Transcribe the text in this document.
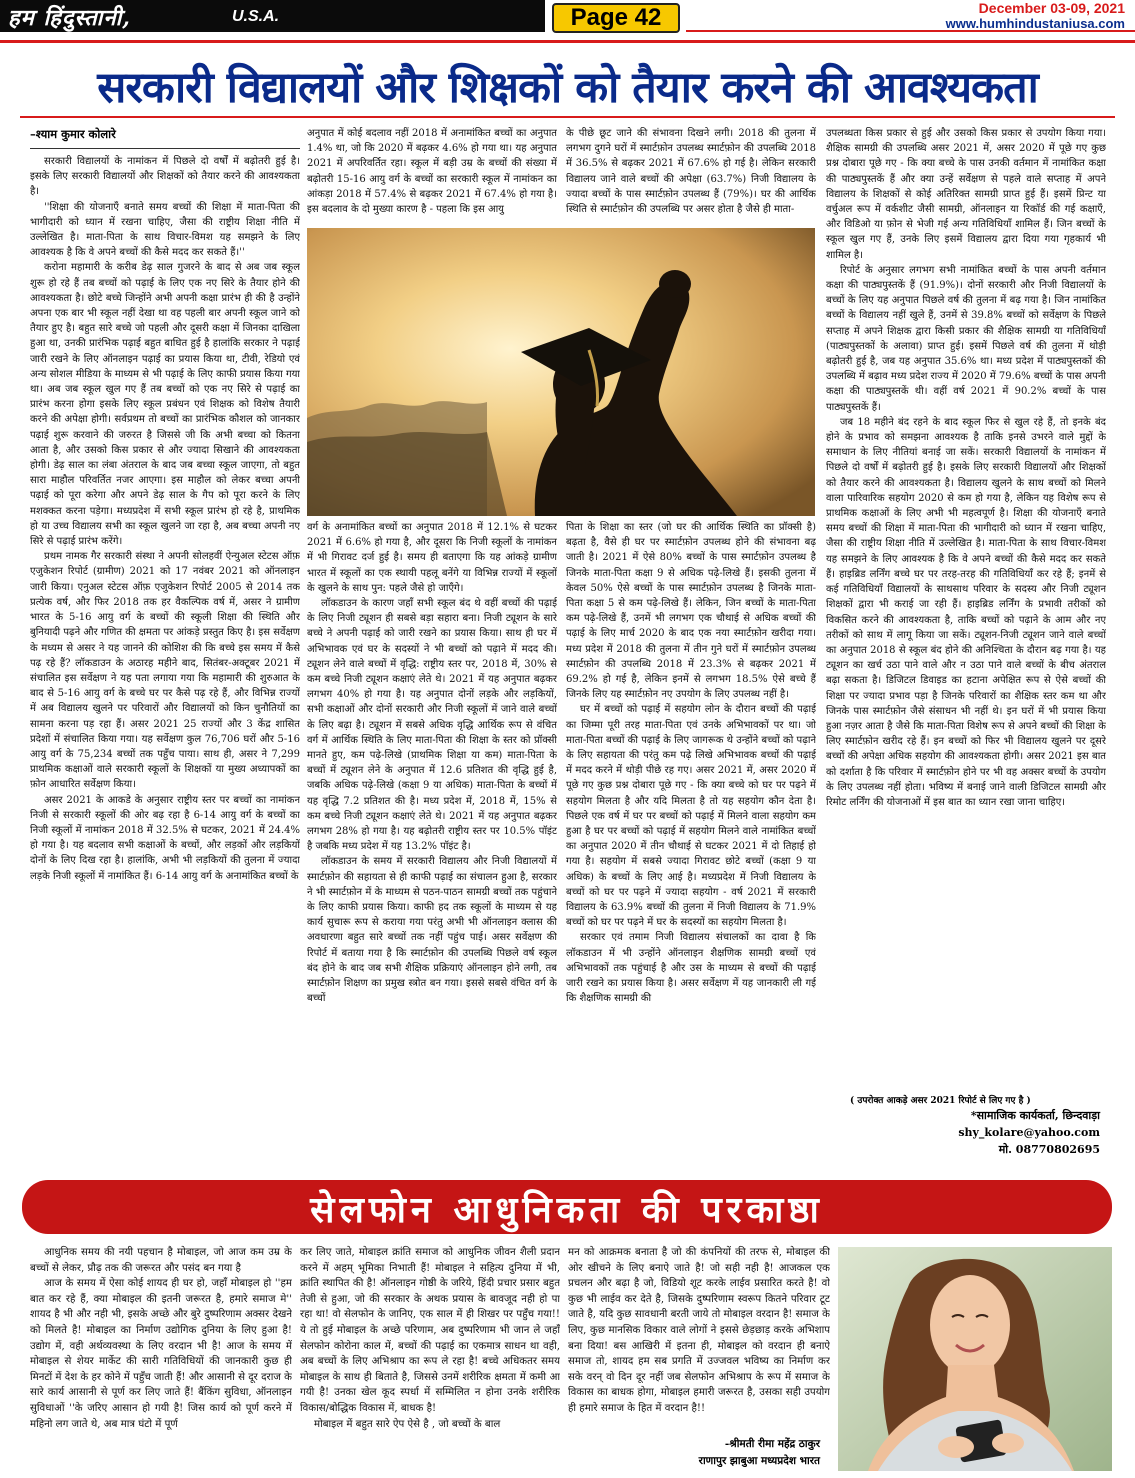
हम हिंदुस्तानी,	U.S.A.	Page 42	December 03-09, 2021
www.humhindustaniusa.com
सरकारी विद्यालयों और शिक्षकों को तैयार करने की आवश्यकता
–श्याम कुमार कोलारे

सरकारी विद्यालयों के नामांकन में पिछले दो वर्षों में बढ़ोतरी हुई है। इसके लिए सरकारी विद्यालयों और शिक्षकों को तैयार करने की आवश्यकता है।

''शिक्षा की योजनाएँ बनाते समय बच्चों की शिक्षा में माता-पिता की भागीदारी को ध्यान में रखना चाहिए, जैसा की राष्ट्रीय शिक्षा नीति में उल्लेखित है। माता-पिता के साथ विचार-विमश यह समझने के लिए आवश्यक है कि वे अपने बच्चों की कैसे मदद कर सकते हैं।''

करोना महामारी के करीब डेढ़ साल गुजरने के बाद से अब जब स्कूल शुरू हो रहे हैं तब बच्चों को पढ़ाई के लिए एक नए सिरे के तैयार होने की आवश्यकता है। छोटे बच्चे जिन्होंने अभी अपनी कक्षा प्रारंभ ही की है उन्होंने अपना एक बार भी स्कूल नहीं देखा था वह पहली बार अपनी स्कूल जाने को तैयार हुए है। बहुत सारे बच्चे जो पहली और दूसरी कक्षा में जिनका दाखिला हुआ था, उनकी प्रारंभिक पढ़ाई बहुत बाधित हुई है हालांकि सरकार ने पढ़ाई जारी रखने के लिए ऑनलाइन पढ़ाई का प्रयास किया था, टीवी, रेडियो एवं अन्य सोशल मीडिया के माध्यम से भी पढ़ाई के लिए काफी प्रयास किया गया था। अब जब स्कूल खुल गए हैं तब बच्चों को एक नए सिरे से पढ़ाई का प्रारंभ करना होगा इसके लिए स्कूल प्रबंधन एवं शिक्षक को विशेष तैयारी करने की अपेक्षा होगी। सर्वप्रथम तो बच्चों का प्रारंभिक कौशल को जानकार पढ़ाई शुरू करवाने की जरुरत है जिससे जी कि अभी बच्चा को कितना आता है, और उसको किस प्रकार से और ज्यादा सिखाने की आवश्यकता होगी। डेढ़ साल का लंबा अंतराल के बाद जब बच्चा स्कूल जाएगा, तो बहुत सारा माहौल परिवर्तित नजर आएगा। इस माहौल को लेकर बच्चा अपनी पढ़ाई को पूरा करेगा और अपने डेढ़ साल के गैप को पूरा करने के लिए मशक्कत करना पड़ेगा। मध्यप्रदेश में सभी स्कूल प्रारंभ हो रहे है, प्राथमिक हो या उच्च विद्यालय सभी का स्कूल खुलने जा रहा है, अब बच्चा अपनी नए सिरे से पढ़ाई प्रारंभ करेंगे।

प्रथम नामक गैर सरकारी संस्था ने अपनी सोलहवीं ऐन्युअल स्टेटस ऑफ़ एजुकेशन रिपोर्ट (ग्रामीण) 2021 को 17 नवंबर 2021 को ऑनलाइन जारी किया। एनुअल स्टेटस ऑफ़ एजुकेशन रिपोर्ट 2005 से 2014 तक प्रत्येक वर्ष, और फिर 2018 तक हर वैकल्पिक वर्ष में, असर ने ग्रामीण भारत के 5-16 आयु वर्ग के बच्चों की स्कूली शिक्षा की स्थिति और बुनियादी पढ़ने और गणित की क्षमता पर आंकड़े प्रस्तुत किए है। इस सर्वेक्षण के मध्यम से असर ने यह जानने की कोशिश की कि बच्चे इस समय में कैसे पढ़ रहे हैं? लॉकडाउन के अठारह महीने बाद, सितंबर-अक्टूबर 2021 में संचालित इस सर्वेक्षण ने यह पता लगाया गया कि महामारी की शुरुआत के बाद से 5-16 आयु वर्ग के बच्चे घर पर कैसे पढ़ रहे हैं, और विभिन्न राज्यों में अब विद्यालय खुलने पर परिवारों और विद्यालयों को किन चुनौतियों का सामना करना पड़ रहा हैं। असर 2021 25 राज्यों और 3 केंद्र शासित प्रदेशों में संचालित किया गया। यह सर्वेक्षण कुल 76,706 घरों और 5-16 आयु वर्ग के 75,234 बच्चों तक पहुँच पाया। साथ ही, असर ने 7,299 प्राथमिक कक्षाओं वाले सरकारी स्कूलों के शिक्षकों या मुख्य अध्यापकों का फ़ोन आधारित सर्वेक्षण किया।

असर 2021 के आकडे के अनुसार राष्ट्रीय स्तर पर बच्चों का नामांकन निजी से सरकारी स्कूलों की ओर बढ़ रहा है 6-14 आयु वर्ग के बच्चों का निजी स्कूलों में नामांकन 2018 में 32.5% से घटकर, 2021 में 24.4% हो गया है। यह बदलाव सभी कक्षाओं के बच्चों, और लड़कों और लड़कियों दोनों के लिए दिख रहा है। हालांकि, अभी भी लड़कियों की तुलना में ज्यादा लड़के निजी स्कूलों में नामांकित हैं। 6-14 आयु वर्ग के अनामांकित बच्चों के

अनुपात में कोई बदलाव नहीं 2018 में अनामांकित बच्चों का अनुपात 1.4% था, जो कि 2020 में बढ़कर 4.6% हो गया था। यह अनुपात 2021 में अपरिवर्तित रहा। स्कूल में बड़ी उम्र के बच्चों की संख्या में बढ़ोतरी 15-16 आयु वर्ग के बच्चों का सरकारी स्कूल में नामांकन का आंकड़ा 2018 में 57.4% से बढ़कर 2021 में 67.4% हो गया है। इस बदलाव के दो मुख्या कारण है - पहला कि इस आयु

के पीछे छूट जाने की संभावना दिखने लगी। 2018 की तुलना में लगभग दुगने घरों में स्मार्टफ़ोन उपलब्ध स्मार्टफ़ोन की उपलब्धि 2018 में 36.5% से बढ़कर 2021 में 67.6% हो गई है। लेकिन सरकारी विद्यालय जाने वाले बच्चों की अपेक्षा (63.7%) निजी विद्यालय के ज्यादा बच्चों के पास स्मार्टफ़ोन उपलब्ध हैं (79%)। घर की आर्थिक स्थिति से स्मार्टफ़ोन की उपलब्धि पर असर होता है जैसे ही माता-

वर्ग के अनामांकित बच्चों का अनुपात 2018 में 12.1% से घटकर 2021 में 6.6% हो गया है, और दूसरा कि निजी स्कूलों के नामांकन में भी गिरावट दर्ज हुई है। समय ही बताएगा कि यह आंकड़े ग्रामीण भारत में स्कूलों का एक स्थायी पहलू बनेंगे या विभिन्न राज्यों में स्कूलों के खुलने के साथ पुन: पहले जैसे हो जाएँगे।

लॉकडाउन के कारण जहाँ सभी स्कूल बंद थे वहीं बच्चों की पढ़ाई के लिए निजी ट्यूशन ही सबसे बड़ा सहारा बना। निजी ट्यूशन के सारे बच्चे ने अपनी पढ़ाई को जारी रखने का प्रयास किया। साथ ही घर में अभिभावक एवं घर के सदस्यों ने भी बच्चों को पढ़ाने में मदद की। ट्यूशन लेने वाले बच्चों में वृद्धि: राष्ट्रीय स्तर पर, 2018 में, 30% से कम बच्चे निजी ट्यूशन कक्षाएं लेते थे। 2021 में यह अनुपात बढ़कर लगभग 40% हो गया है। यह अनुपात दोनों लड़के और लड़कियों, सभी कक्षाओं और दोनों सरकारी और निजी स्कूलों में जाने वाले बच्चों के लिए बढ़ा है। ट्यूशन में सबसे अधिक वृद्धि आर्थिक रूप से वंचित वर्ग में आर्थिक स्थिति के लिए माता-पिता की शिक्षा के स्तर को प्रॉक्सी मानते हुए, कम पढ़े-लिखे (प्राथमिक शिक्षा या कम) माता-पिता के बच्चों में ट्यूशन लेने के अनुपात में 12.6 प्रतिशत की वृद्धि हुई है, जबकि अधिक पढ़े-लिखे (कक्षा 9 या अधिक) माता-पिता के बच्चों में यह वृद्धि 7.2 प्रतिशत की है। मध्य प्रदेश में, 2018 में, 15% से कम बच्चे निजी ट्यूशन कक्षाएं लेते थे। 2021 में यह अनुपात बढ़कर लगभग 28% हो गया है। यह बढ़ोतरी राष्ट्रीय स्तर पर 10.5% पॉइंट है जबकि मध्य प्रदेश में यह 13.2% पॉइंट है।

लॉकडाउन के समय में सरकारी विद्यालय और निजी विद्यालयों में स्मार्टफ़ोन की सहायता से ही काफी पढ़ाई का संचालन हुआ है, सरकार ने भी स्मार्टफ़ोन में के माध्यम से पठन-पाठन सामग्री बच्चों तक पहुंचाने के लिए काफी प्रयास किया। काफी हद तक स्कूलों के माध्यम से यह कार्य सुचारू रूप से कराया गया परंतु अभी भी ऑनलाइन क्लास की अवधारणा बहुत सारे बच्चों तक नहीं पहुंच पाई। असर सर्वेक्षण की रिपोर्ट में बताया गया है कि स्मार्टफ़ोन की उपलब्धि पिछले वर्ष स्कूल बंद होने के बाद जब सभी शैक्षिक प्रक्रियाएं ऑनलाइन होने लगी, तब स्मार्टफ़ोन शिक्षण का प्रमुख स्त्रोत बन गया। इससे सबसे वंचित वर्ग के बच्चों

पिता के शिक्षा का स्तर (जो घर की आर्थिक स्थिति का प्रॉक्सी है) बढ़ता है, वैसे ही घर पर स्मार्टफ़ोन उपलब्ध होने की संभावना बढ़ जाती है। 2021 में ऐसे 80% बच्चों के पास स्मार्टफ़ोन उपलब्ध है जिनके माता-पिता कक्षा 9 से अधिक पढ़े-लिखे हैं। इसकी तुलना में केवल 50% ऐसे बच्चों के पास स्मार्टफ़ोन उपलब्ध है जिनके माता-पिता कक्षा 5 से कम पढ़े-लिखे हैं। लेकिन, जिन बच्चों के माता-पिता कम पढ़े-लिखे हैं, उनमें भी लगभग एक चौथाई से अधिक बच्चों की पढ़ाई के लिए मार्च 2020 के बाद एक नया स्मार्टफ़ोन खरीदा गया। मध्य प्रदेश में 2018 की तुलना में तीन गुने घरों में स्मार्टफ़ोन उपलब्ध स्मार्टफ़ोन की उपलब्धि 2018 में 23.3% से बढ़कर 2021 में 69.2% हो गई है, लेकिन इनमें से लगभग 18.5% ऐसे बच्चे हैं जिनके लिए यह स्मार्टफ़ोन नए उपयोग के लिए उपलब्ध नहीं है।

घर में बच्चों को पढ़ाई में सहयोग लोन के दौरान बच्चों की पढ़ाई का जिम्मा पूरी तरह माता-पिता एवं उनके अभिभावकों पर था। जो माता-पिता बच्चों की पढ़ाई के लिए जागरूक थे उन्होंने बच्चों को पढ़ाने के लिए सहायता की परंतु कम पढ़े लिखे अभिभावक बच्चों की पढ़ाई में मदद करने में थोड़ी पीछे रह गए। असर 2021 में, असर 2020 में पूछे गए कुछ प्रश्न दोबारा पूछे गए - कि क्या बच्चे को घर पर पढ़ने में सहयोग मिलता है और यदि मिलता है तो यह सहयोग कौन देता है। पिछले एक वर्ष में घर पर बच्चों को पढ़ाई में मिलने वाला सहयोग कम हुआ है घर पर बच्चों को पढ़ाई में सहयोग मिलने वाले नामांकित बच्चों का अनुपात 2020 में तीन चौथाई से घटकर 2021 में दो तिहाई हो गया है। सहयोग में सबसे ज्यादा गिरावट छोटे बच्चों (कक्षा 9 या अधिक) के बच्चों के लिए आई है। मध्यप्रदेश में निजी विद्यालय के बच्चों को घर पर पढ़ने में ज्यादा सहयोग - वर्ष 2021 में सरकारी विद्यालय के 63.9% बच्चों की तुलना में निजी विद्यालय के 71.9% बच्चों को घर पर पढ़ने में घर के सदस्यों का सहयोग मिलता है।

सरकार एवं तमाम निजी विद्यालय संचालकों का दावा है कि लॉकडाउन में भी उन्होंने ऑनलाइन शैक्षणिक सामग्री बच्चों एवं अभिभावकों तक पहुंचाई है और उस के माध्यम से बच्चों की पढ़ाई जारी रखने का प्रयास किया है। असर सर्वेक्षण में यह जानकारी ली गई कि शैक्षणिक सामग्री की

उपलब्धता किस प्रकार से हुई और उसको किस प्रकार से उपयोग किया गया। शैक्षिक सामग्री की उपलब्धि असर 2021 में, असर 2020 में पूछे गए कुछ प्रश्न दोबारा पूछे गए - कि क्या बच्चे के पास उनकी वर्तमान में नामांकित कक्षा की पाठ्यपुस्तकें हैं और क्या उन्हें सर्वेक्षण से पहले वाले सप्ताह में अपने विद्यालय के शिक्षकों से कोई अतिरिक्त सामग्री प्राप्त हुई हैं। इसमें प्रिन्ट या वर्चुअल रूप में वर्कशीट जैसी सामग्री, ऑनलाइन या रिकॉर्ड की गई कक्षाएँ, और विडिओ या फ़ोन से भेजी गई अन्य गतिविधियाँ शामिल हैं। जिन बच्चों के स्कूल खुल गए हैं, उनके लिए इसमें विद्यालय द्वारा दिया गया गृहकार्य भी शामिल है।

रिपोर्ट के अनुसार लगभग सभी नामांकित बच्चों के पास अपनी वर्तमान कक्षा की पाठ्यपुस्तकें हैं (91.9%)। दोनों सरकारी और निजी विद्यालयों के बच्चों के लिए यह अनुपात पिछले वर्ष की तुलना में बढ़ गया है। जिन नामांकित बच्चों के विद्यालय नहीं खुले हैं, उनमें से 39.8% बच्चों को सर्वेक्षण के पिछले सप्ताह में अपने शिक्षक द्वारा किसी प्रकार की शैक्षिक सामग्री या गतिविधियाँ (पाठ्यपुस्तकों के अलावा) प्राप्त हुई। इसमें पिछले वर्ष की तुलना में थोड़ी बढ़ोतरी हुई है, जब यह अनुपात 35.6% था। मध्य प्रदेश में पाठ्यपुस्तकों की उपलब्धि में बढ़ाव मध्य प्रदेश राज्य में 2020 में 79.6% बच्चों के पास अपनी कक्षा की पाठ्यपुस्तकें थी। वहीं वर्ष 2021 में 90.2% बच्चों के पास पाठ्यपुस्तकें हैं।

जब 18 महीने बंद रहने के बाद स्कूल फिर से खुल रहे हैं, तो इनके बंद होने के प्रभाव को समझना आवश्यक है ताकि इनसे उभरने वाले मुद्दों के समाधान के लिए नीतियां बनाई जा सकें। सरकारी विद्यालयों के नामांकन में पिछले दो वर्षों में बढ़ोतरी हुई है। इसके लिए सरकारी विद्यालयों और शिक्षकों को तैयार करने की आवश्यकता है। विद्यालय खुलने के साथ बच्चों को मिलने वाला पारिवारिक सहयोग 2020 से कम हो गया है, लेकिन यह विशेष रूप से प्राथमिक कक्षाओं के लिए अभी भी महत्वपूर्ण है। शिक्षा की योजनाएँ बनाते समय बच्चों की शिक्षा में माता-पिता की भागीदारी को ध्यान में रखना चाहिए, जैसा की राष्ट्रीय शिक्षा नीति में उल्लेखित है। माता-पिता के साथ विचार-विमश यह समझने के लिए आवश्यक है कि वे अपने बच्चों की कैसे मदद कर सकते हैं। हाइब्रिड लर्निंग बच्चे घर पर तरह-तरह की गतिविधियाँ कर रहे हैं; इनमें से कई गतिविधियाँ विद्यालयों के साथसाथ परिवार के सदस्य और निजी ट्यूशन शिक्षकों द्वारा भी कराई जा रही हैं। हाइब्रिड लर्निंग के प्रभावी तरीकों को विकसित करने की आवश्यकता है, ताकि बच्चों को पढ़ाने के आम और नए तरीकों को साथ में लागू किया जा सकें। ट्यूशन-निजी ट्यूशन जाने वाले बच्चों का अनुपात 2018 से स्कूल बंद होने की अनिश्चिता के दौरान बढ़ गया है। यह ट्यूशन का खर्च उठा पाने वाले और न उठा पाने वाले बच्चों के बीच अंतराल बढ़ा सकता है। डिजिटल डिवाइड का हटाना अपेक्षित रूप से ऐसे बच्चों की शिक्षा पर ज्यादा प्रभाव पड़ा है जिनके परिवारों का शैक्षिक स्तर कम था और जिनके पास स्मार्टफ़ोन जैसे संसाधन भी नहीं थे। इन घरों में भी प्रयास किया हुआ नज़र आता है जैसे कि माता-पिता विशेष रूप से अपने बच्चों की शिक्षा के लिए स्मार्टफ़ोन खरीद रहे हैं। इन बच्चों को फिर भी विद्यालय खुलने पर दूसरे बच्चों की अपेक्षा अधिक सहयोग की आवश्यकता होगी। असर 2021 इस बात को दर्शाता है कि परिवार में स्मार्टफ़ोन होने पर भी वह अक्सर बच्चों के उपयोग के लिए उपलब्ध नहीं होता। भविष्य में बनाई जाने वाली डिजिटल सामग्री और रिमोट लर्निंग की योजनाओं में इस बात का ध्यान रखा जाना चाहिए।

( उपरोक्त आकड़े असर 2021 रिपोर्ट से लिए गए है )
*सामाजिक कार्यकर्ता, छिन्दवाड़ा
shy_kolare@yahoo.com
मो. 08770802695
सेलफोन आधुनिकता की परकाष्ठा

आधुनिक समय की नयी पहचान है मोबाइल, जो आज कम उम्र के बच्चों से लेकर, प्रौढ़ तक की जरूरत और पसंद बन गया है

आज के समय में ऐसा कोई शायद ही घर हो, जहाँ मोबाइल हो ''हम बात कर रहे हैं, क्या मोबाइल की इतनी जरूरत है, हमारे समाज मे'' शायद है भी और नही भी, इसके अच्छे और बुरे दुष्परिणाम अक्सर देखने को मिलते है! मोबाइल का निर्माण उद्योगिक दुनिया के लिए हुआ है! उद्योग में, वही अर्थव्यवस्था के लिए वरदान भी है! आज के समय में मोबाइल से शेयर मार्केट की सारी गतिविधियों की जानकारी कुछ ही मिनटों में देश के हर कोने में पहुँच जाती हैं! और आसानी से दूर दराज के सारे कार्य आसानी से पूर्ण कर लिए जाते हैं! बैंकिंग सुविधा, ऑनलाइन सुविधाओं ''के जरिए आसान हो गयी है! जिस कार्य को पूर्ण करने में महिनो लग जाते थे, अब मात्र घंटो में पूर्ण

कर लिए जाते, मोबाइल क्रांति समाज को आधुनिक जीवन शैली प्रदान करने में अहम् भूमिका निभाती हैं! मोबाइल ने सहित्य दुनिया में भी, क्रांति स्थापित की है! ऑनलाइन गोष्ठी के जरिये, हिंदी प्रचार प्रसार बहुत तेजी से हुआ, जो की सरकार के अथक प्रयास के बावजूद नही हो पा रहा था! वो सेलफोन के जानिए, एक साल में ही शिखर पर पहुँच गया!! ये तो हुई मोबाइल के अच्छे परिणाम, अब दुष्परिणाम भी जान ले जहाँ सेलफोन कोरोना काल में, बच्चों की पढ़ाई का एकमात्र साधन था वही, अब बच्चों के लिए अभिश्राप का रूप ले रहा है! बच्चे अधिकतर समय मोबाइल के साथ ही बिताते है, जिससे उनमें शरीरिक क्षमता में कमी आ गयी है! उनका खेल कूद स्पर्धा में सम्मिलित न होना उनके शरीरिक विकास/बोद्धिक विकास में, बाधक है!

मोबाइल में बहुत सारे ऐप ऐसे है , जो बच्चों के बाल

मन को आक्रमक बनाता है जो की कंपनियों की तरफ से, मोबाइल की ओर खीचने के लिए बनाऐ जाते है! जो सही नही है! आजकल एक प्रचलन और बढ़ा है जो, विडियो शूट करके लाईव प्रसारित करते है! वो कुछ भी लाईव कर देते है, जिसके दुष्परिणाम स्वरूप कितने परिवार टूट जाते है, यदि कुछ सावधानी बरती जाये तो मोबाइल वरदान है! समाज के लिए, कुछ मानसिक विकार वाले लोगों ने इससे छेड़छाड़ करके अभिशाप बना दिया! बस आखिरी में इतना ही, मोबाइल को वरदान ही बनाऐ समाज तो, शायद हम सब प्रगति में उज्जवल भविष्य का निर्माण कर सके वरन् वो दिन दूर नहीं जब सेलफोन अभिश्राप के रूप में समाज के विकास का बाधक होगा, मोबाइल हमारी जरूरत है, उसका सही उपयोग ही हमारे समाज के हित में वरदान है!!

-श्रीमती रीमा महेंद्र ठाकुर
राणापुर झाबुआ मध्यप्रदेश भारत
